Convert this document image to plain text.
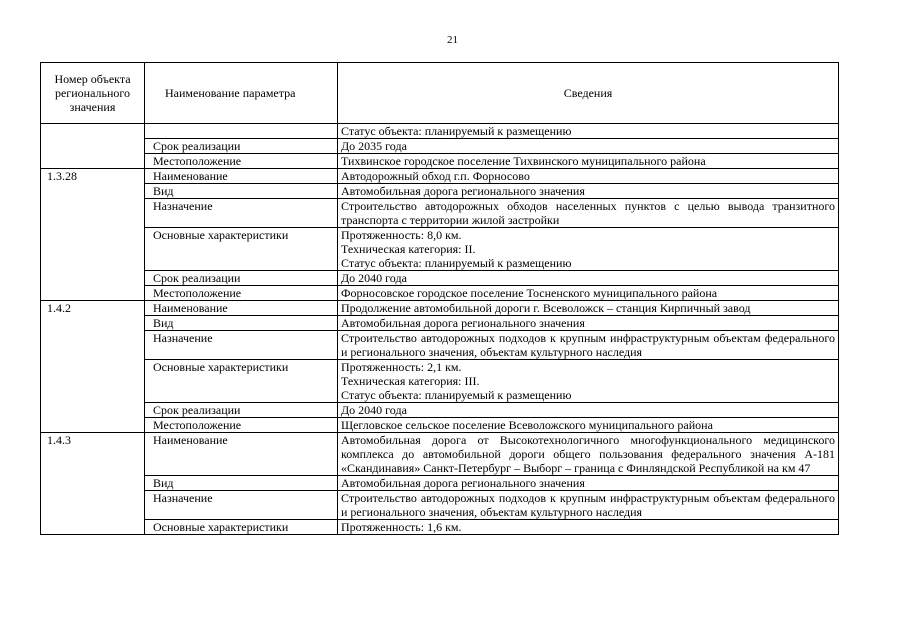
21
Номер объекта регионального значения	Наименование параметра	Сведения

		Статус объекта: планируемый к размещению

	Срок реализации	До 2035 года

	Местоположение	Тихвинское городское поселение Тихвинского муниципального района

1.3.28	Наименование	Автодорожный обход г.п. Форносово

	Вид	Автомобильная дорога регионального значения

	Назначение	Строительство автодорожных обходов населенных пунктов с целью вывода транзитного транспорта с территории жилой застройки

	Основные характеристики	Протяженность: 8,0 км.
Техническая категория: II.
Статус объекта: планируемый к размещению

	Срок реализации	До 2040 года

	Местоположение	Форносовское городское поселение Тосненского муниципального района

1.4.2	Наименование	Продолжение автомобильной дороги г. Всеволожск – станция Кирпичный завод

	Вид	Автомобильная дорога регионального значения

	Назначение	Строительство автодорожных подходов к крупным инфраструктурным объектам федерального и регионального значения, объектам культурного наследия

	Основные характеристики	Протяженность: 2,1 км.
Техническая категория: III.
Статус объекта: планируемый к размещению

	Срок реализации	До 2040 года

	Местоположение	Щегловское сельское поселение Всеволожского муниципального района

1.4.3	Наименование	Автомобильная дорога от Высокотехнологичного многофункционального медицинского комплекса до автомобильной дороги общего пользования федерального значения А-181 «Скандинавия» Санкт-Петербург – Выборг – граница с Финляндской Республикой на км 47

	Вид	Автомобильная дорога регионального значения

	Назначение	Строительство автодорожных подходов к крупным инфраструктурным объектам федерального и регионального значения, объектам культурного наследия

	Основные характеристики	Протяженность: 1,6 км.
